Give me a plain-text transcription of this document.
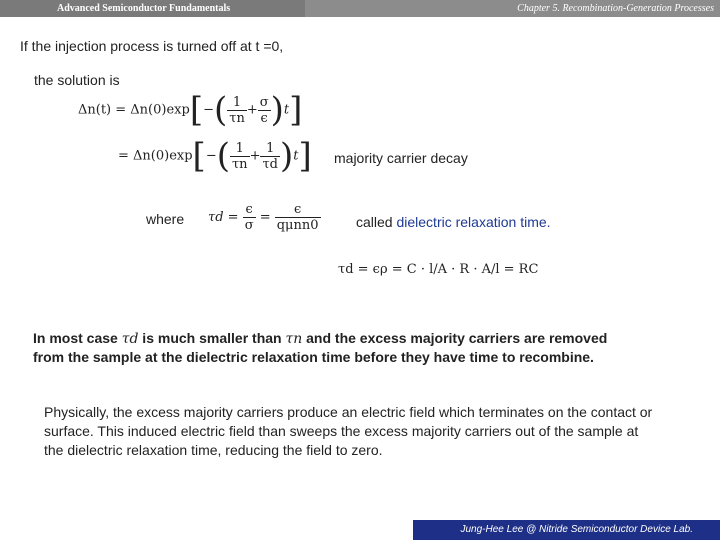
Advanced Semiconductor Fundamentals	Chapter 5. Recombination-Generation Processes
If the injection process is turned off at t =0,
the solution is
$\Delta n(t) = \Delta n(0)\exp[-( \frac{1}{\tau n} + \frac{\sigma}{\epsilon} )t]$
= $\Delta n(0)\exp[-( \frac{1}{\tau n} + \frac{1}{\tau d} )t]$ majority carrier decay
where $\tau d = \frac{\epsilon}{\sigma} = \frac{\epsilon}{\text{qμnn0}}$	called dielectric relaxation time.
τd = ϵρ = C · l/A · R · A/l = RC
In most case τd is much smaller than τn and the excess majority carriers are removed
from the sample at the dielectric relaxation time before they have time to recombine.
Physically, the excess majority carriers produce an electric field which terminates on the contact or surface. This induced electric field than sweeps the excess majority carriers out of the sample at the dielectric relaxation time, reducing the field to zero.
Jung-Hee Lee @ Nitride Semiconductor Device Lab.
